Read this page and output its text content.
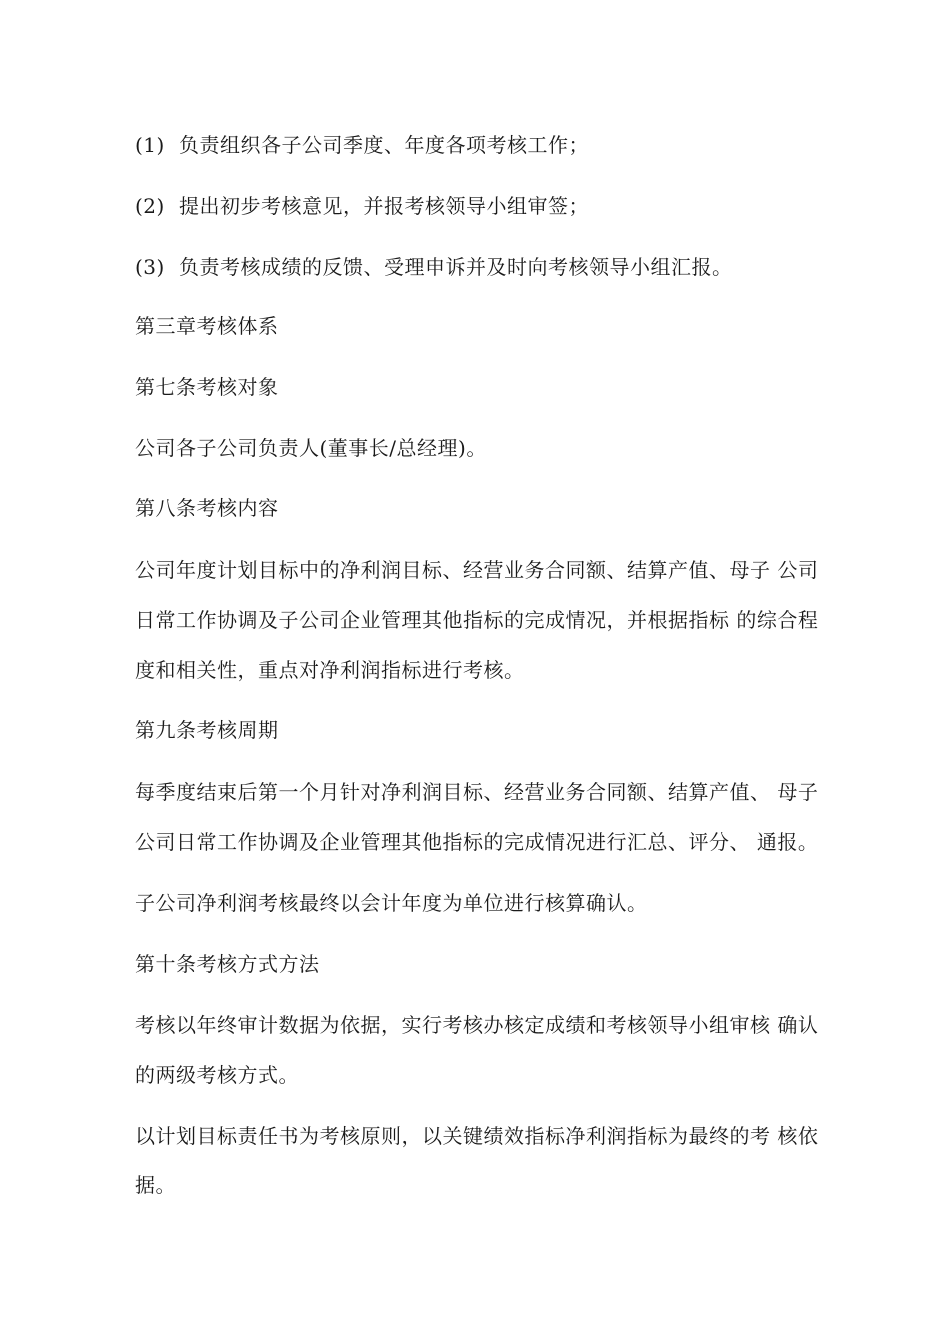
(1) 负责组织各子公司季度、年度各项考核工作；
(2) 提出初步考核意见，并报考核领导小组审签；
(3) 负责考核成绩的反馈、受理申诉并及时向考核领导小组汇报。
第三章考核体系
第七条考核对象
公司各子公司负责人(董事长/总经理)。
第八条考核内容
公司年度计划目标中的净利润目标、经营业务合同额、结算产值、母子 公司
日常工作协调及子公司企业管理其他指标的完成情况，并根据指标 的综合程
度和相关性，重点对净利润指标进行考核。
第九条考核周期
每季度结束后第一个月针对净利润目标、经营业务合同额、结算产值、 母子
公司日常工作协调及企业管理其他指标的完成情况进行汇总、评分、 通报。
子公司净利润考核最终以会计年度为单位进行核算确认。
第十条考核方式方法
考核以年终审计数据为依据，实行考核办核定成绩和考核领导小组审核 确认
的两级考核方式。
以计划目标责任书为考核原则，以关键绩效指标净利润指标为最终的考 核依
据。
